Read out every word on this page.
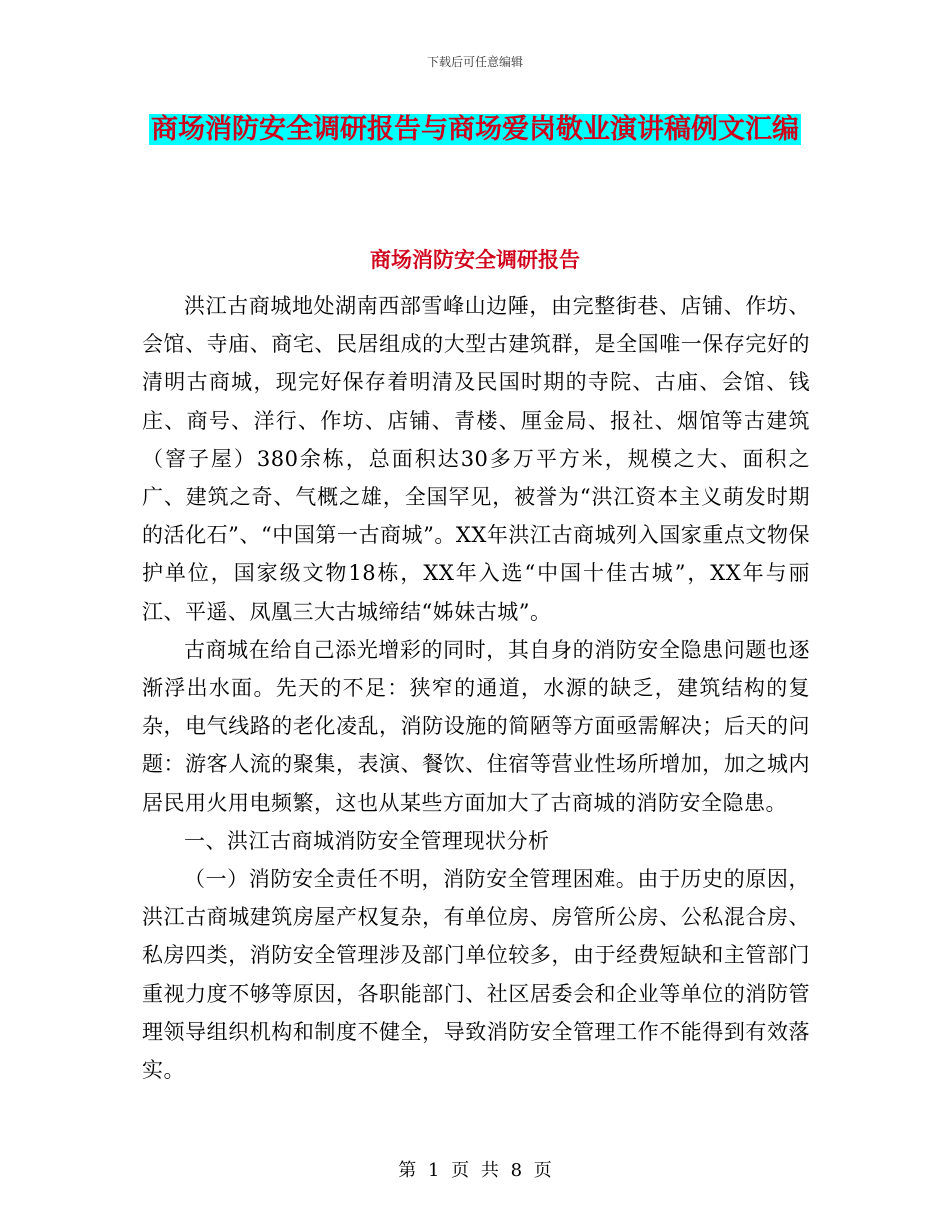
下载后可任意编辑
商场消防安全调研报告与商场爱岗敬业演讲稿例文汇编
商场消防安全调研报告

洪江古商城地处湖南西部雪峰山边陲，由完整街巷、店铺、作坊、会馆、寺庙、商宅、民居组成的大型古建筑群，是全国唯一保存完好的清明古商城，现完好保存着明清及民国时期的寺院、古庙、会馆、钱庄、商号、洋行、作坊、店铺、青楼、厘金局、报社、烟馆等古建筑（窨子屋）380余栋，总面积达30多万平方米，规模之大、面积之广、建筑之奇、气概之雄，全国罕见，被誉为“洪江资本主义萌发时期的活化石”、“中国第一古商城”。XX年洪江古商城列入国家重点文物保护单位，国家级文物18栋，XX年入选“中国十佳古城”，XX年与丽江、平遥、凤凰三大古城缔结“姊妹古城”。

古商城在给自己添光增彩的同时，其自身的消防安全隐患问题也逐渐浮出水面。先天的不足：狭窄的通道，水源的缺乏，建筑结构的复杂，电气线路的老化凌乱，消防设施的简陋等方面亟需解决；后天的问题：游客人流的聚集，表演、餐饮、住宿等营业性场所增加，加之城内居民用火用电频繁，这也从某些方面加大了古商城的消防安全隐患。

一、洪江古商城消防安全管理现状分析

（一）消防安全责任不明，消防安全管理困难。由于历史的原因，洪江古商城建筑房屋产权复杂，有单位房、房管所公房、公私混合房、私房四类，消防安全管理涉及部门单位较多，由于经费短缺和主管部门重视力度不够等原因，各职能部门、社区居委会和企业等单位的消防管理领导组织机构和制度不健全，导致消防安全管理工作不能得到有效落实。

第 1 页 共 8 页
